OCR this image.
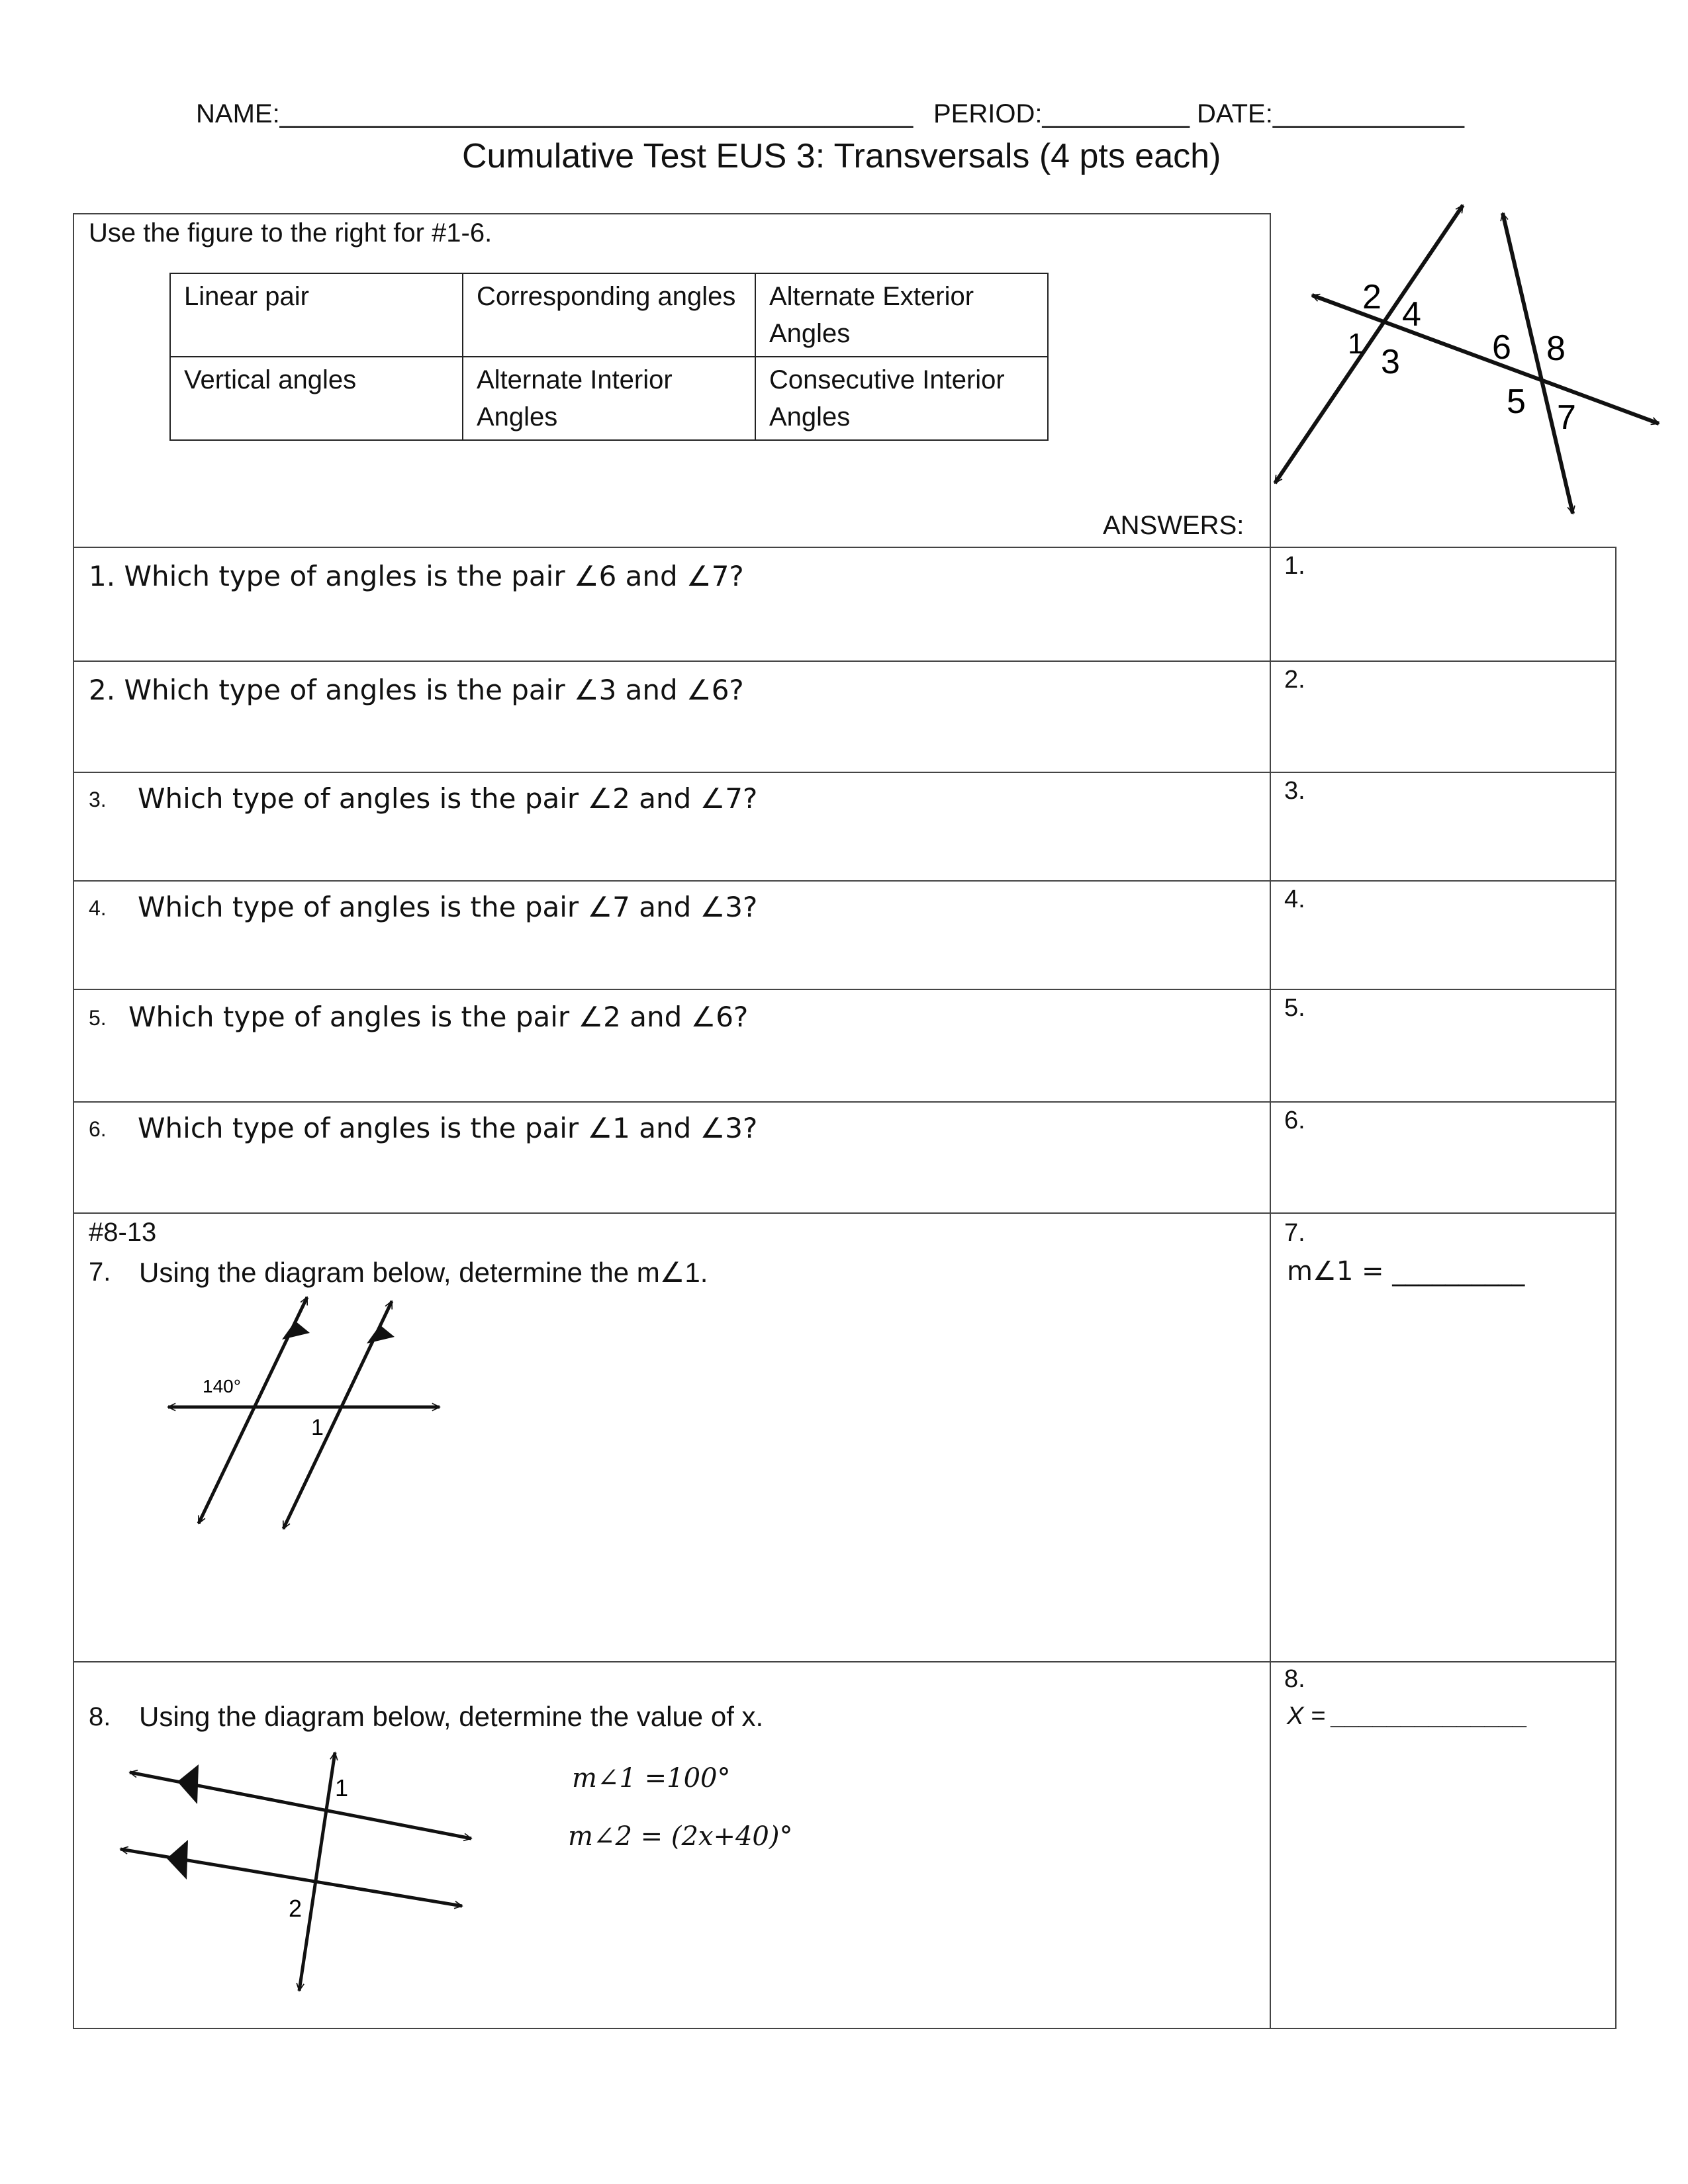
NAME:___________________________________________ PERIOD:__________ DATE:_____________
Cumulative Test EUS 3: Transversals (4 pts each)
Use the figure to the right for #1-6.
Linear pair	Corresponding angles	Alternate Exterior Angles
Vertical angles	Alternate Interior Angles	Consecutive Interior Angles
ANSWERS:
1
2
3
4
5
6
7
8
1. Which type of angles is the pair ∠6 and ∠7?	1.
2. Which type of angles is the pair ∠3 and ∠6?	2.
3. Which type of angles is the pair ∠2 and ∠7?	3.
4. Which type of angles is the pair ∠7 and ∠3?	4.
5. Which type of angles is the pair ∠2 and ∠6?	5.
6. Which type of angles is the pair ∠1 and ∠3?	6.
#8-13
7. Using the diagram below, determine the m∠1.
7.
m∠1 = __________
140°
1
8. Using the diagram below, determine the value of x.
8.
X = ______________
m∠1 =100°
m∠2 = (2x+40)°
1
2
